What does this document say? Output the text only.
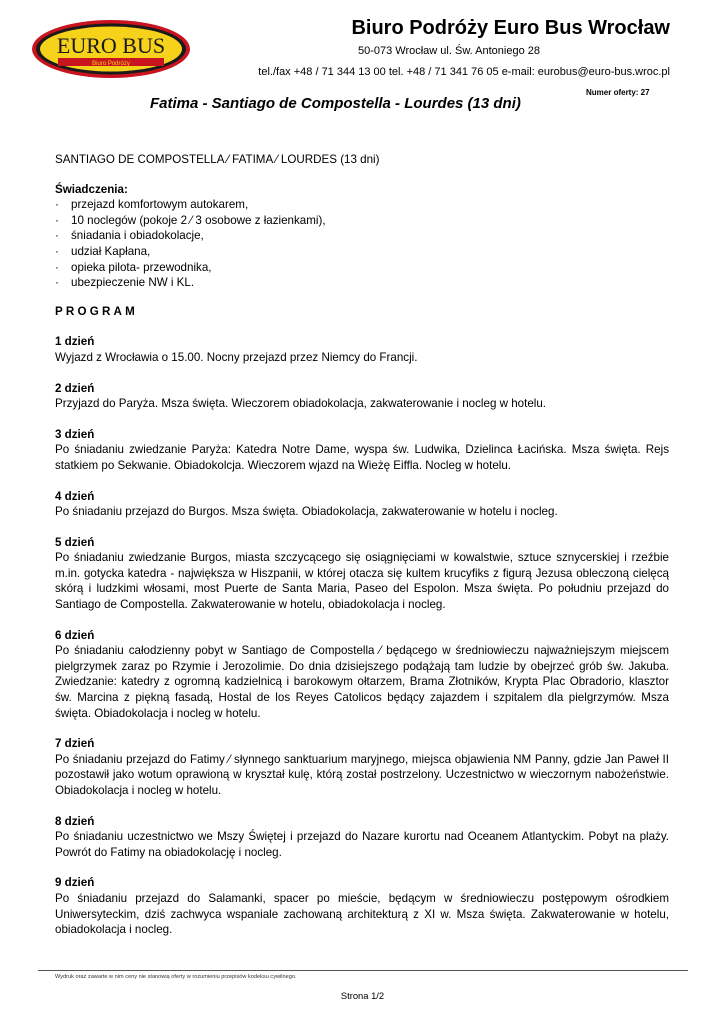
EURO BUS
Biuro Podróży
Biuro Podróży Euro Bus Wrocław
50-073 Wrocław ul. Św. Antoniego 28
tel./fax +48 / 71 344 13 00 tel. +48 / 71 341 76 05 e-mail: eurobus@euro-bus.wroc.pl
Fatima - Santiago de Compostella - Lourdes (13 dni)
Numer oferty: 27

SANTIAGO DE COMPOSTELLA ⁄ FATIMA ⁄ LOURDES (13 dni)

Świadczenia:

·	przejazd komfortowym autokarem,
·	10 noclegów (pokoje 2 ⁄ 3 osobowe z łazienkami),
·	śniadania i obiadokolacje,
·	udział Kapłana,
·	opieka pilota- przewodnika,
·	ubezpieczenie NW i KL.

PROGRAM

1 dzień
Wyjazd z Wrocławia o 15.00. Nocny przejazd przez Niemcy do Francji.
2 dzień
Przyjazd do Paryża. Msza święta. Wieczorem obiadokolacja, zakwaterowanie i nocleg w hotelu.
3 dzień
Po śniadaniu zwiedzanie Paryża: Katedra Notre Dame, wyspa św. Ludwika, Dzielinca Łacińska. Msza święta. Rejs statkiem po Sekwanie. Obiadokolcja. Wieczorem wjazd na Wieżę Eiffla. Nocleg w hotelu.
4 dzień
Po śniadaniu przejazd do Burgos. Msza święta. Obiadokolacja, zakwaterowanie w hotelu i nocleg.
5 dzień
Po śniadaniu zwiedzanie Burgos, miasta szczycącego się osiągnięciami w kowalstwie, sztuce sznycerskiej i rzeźbie m.in. gotycka katedra - największa w Hiszpanii, w której otacza się kultem krucyfiks z figurą Jezusa obleczoną cielęcą skórą i ludzkimi włosami, most Puerte de Santa Maria, Paseo del Espolon. Msza święta. Po południu przejazd do Santiago de Compostella. Zakwaterowanie w hotelu, obiadokolacja i nocleg.
6 dzień
Po śniadaniu całodzienny pobyt w Santiago de Compostella ⁄ będącego w średniowieczu najważniejszym miejscem pielgrzymek zaraz po Rzymie i Jerozolimie. Do dnia dzisiejszego podążają tam ludzie by obejrzeć grób św. Jakuba. Zwiedzanie: katedry z ogromną kadzielnicą i barokowym ołtarzem, Brama Złotników, Krypta Plac Obradorio, klasztor św. Marcina z piękną fasadą, Hostal de los Reyes Catolicos będący zajazdem i szpitalem dla pielgrzymów. Msza święta. Obiadokolacja i nocleg w hotelu.
7 dzień
Po śniadaniu przejazd do Fatimy ⁄ słynnego sanktuarium maryjnego, miejsca objawienia NM Panny, gdzie Jan Paweł II pozostawił jako wotum oprawioną w kryształ kulę, którą został postrzelony. Uczestnictwo w wieczornym nabożeństwie. Obiadokolacja i nocleg w hotelu.
8 dzień
Po śniadaniu uczestnictwo we Mszy Świętej i przejazd do Nazare kurortu nad Oceanem Atlantyckim. Pobyt na plaży. Powrót do Fatimy na obiadokolację i nocleg.
9 dzień
Po śniadaniu przejazd do Salamanki, spacer po mieście, będącym w średniowieczu postępowym ośrodkiem Uniwersyteckim, dziś zachwyca wspaniale zachowaną architekturą z XI w. Msza święta. Zakwaterowanie w hotelu, obiadokolacja i nocleg.
Wydruk oraz zawarte w nim ceny nie stanowią oferty w rozumieniu przepisów kodeksu cywilnego.
Strona 1/2
